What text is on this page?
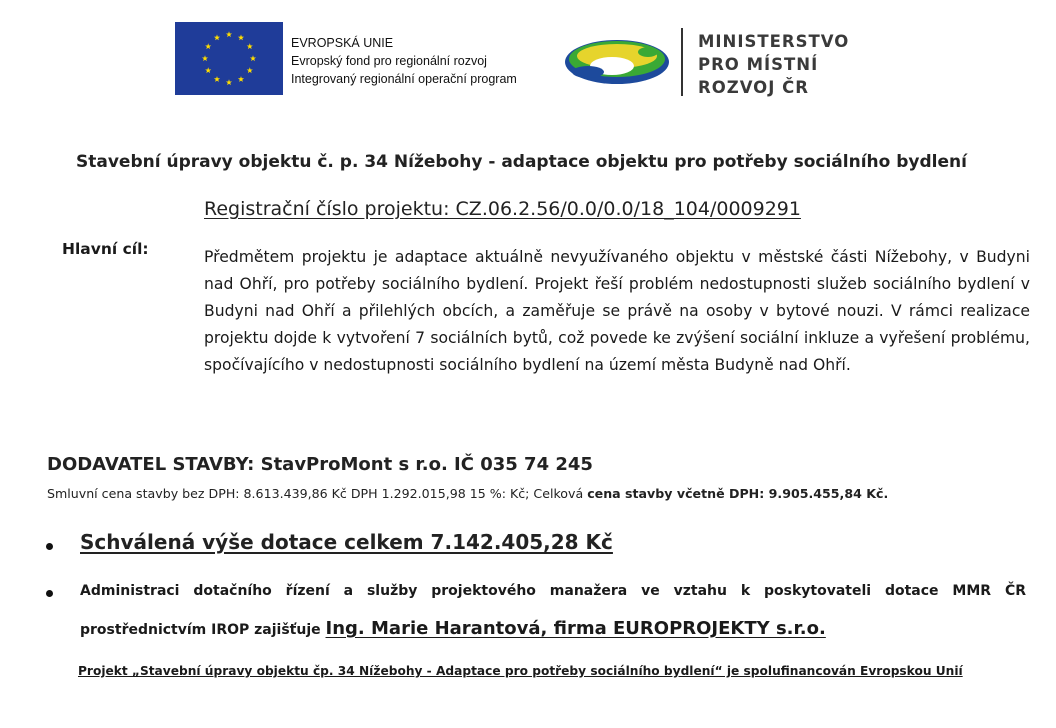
EVROPSKÁ UNIE
Evropský fond pro regionální rozvoj
Integrovaný regionální operační program
MINISTERSTVO
PRO MÍSTNÍ
ROZVOJ ČR
Stavební úpravy objektu č. p. 34 Nížebohy - adaptace objektu pro potřeby sociálního bydlení
Registrační číslo projektu: CZ.06.2.56/0.0/0.0/18_104/0009291
Hlavní cíl:	Předmětem projektu je adaptace aktuálně nevyužívaného objektu v městské části Nížebohy, v Budyni nad Ohří, pro potřeby sociálního bydlení. Projekt řeší problém nedostupnosti služeb sociálního bydlení v Budyni nad Ohří a přilehlých obcích, a zaměřuje se právě na osoby v bytové nouzi. V rámci realizace projektu dojde k vytvoření 7 sociálních bytů, což povede ke zvýšení sociální inkluze a vyřešení problému, spočívajícího v nedostupnosti sociálního bydlení na území města Budyně nad Ohří.
DODAVATEL STAVBY: StavProMont s r.o. IČ 035 74 245
Smluvní cena stavby bez DPH: 8.613.439,86 Kč DPH 1.292.015,98 15 %: Kč; Celková cena stavby včetně DPH: 9.905.455,84 Kč.
Schválená výše dotace celkem 7.142.405,28 Kč
Administraci dotačního řízení a služby projektového manažera ve vztahu k poskytovateli dotace MMR ČR
prostřednictvím IROP zajišťuje Ing. Marie Harantová, firma EUROPROJEKTY s.r.o.
Projekt „Stavební úpravy objektu čp. 34 Nížebohy - Adaptace pro potřeby sociálního bydlení“ je spolufinancován Evropskou Unií
